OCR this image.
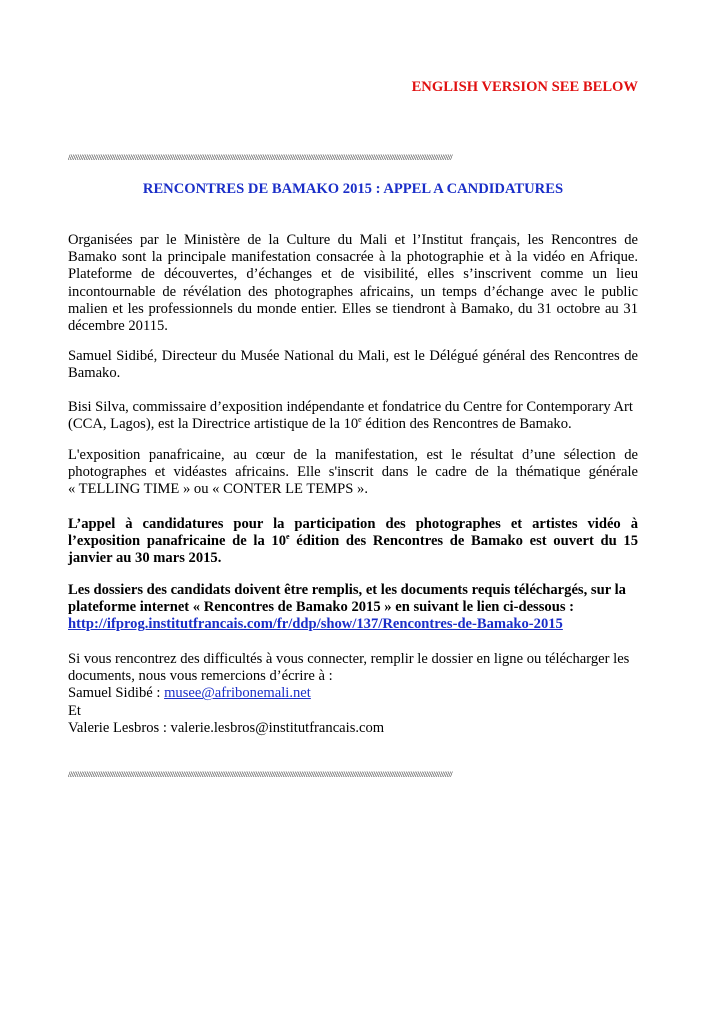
ENGLISH VERSION SEE BELOW
//////////////////////////////////////////////////////////////////////////////////////////////////////////////////////////////////////////////////////////////////////////////////////////////////////////////////////////
RENCONTRES DE BAMAKO 2015 : APPEL A CANDIDATURES
Organisées par le Ministère de la Culture du Mali et l’Institut français, les Rencontres de
Bamako sont la principale manifestation consacrée à la photographie et à la vidéo en Afrique.
Plateforme de découvertes, d’échanges et de visibilité, elles s’inscrivent comme un lieu
incontournable de révélation des photographes africains, un temps d’échange avec le public
malien et les professionnels du monde entier. Elles se tiendront à Bamako, du 31 octobre au 31
décembre 20115.
Samuel Sidibé, Directeur du Musée National du Mali, est le Délégué général des Rencontres de
Bamako.
Bisi Silva, commissaire d’exposition indépendante et fondatrice du Centre for Contemporary Art
(CCA, Lagos), est la Directrice artistique de la 10e édition des Rencontres de Bamako.
L'exposition panafricaine, au cœur de la manifestation, est le résultat d’une sélection de
photographes et vidéastes africains. Elle s'inscrit dans le cadre de la thématique générale
« TELLING TIME » ou « CONTER LE TEMPS ».
L’appel à candidatures pour la participation des photographes et artistes vidéo à
l’exposition panafricaine de la 10e édition des Rencontres de Bamako est ouvert du 15
janvier au 30 mars 2015.
Les dossiers des candidats doivent être remplis, et les documents requis téléchargés, sur la
plateforme internet « Rencontres de Bamako 2015 » en suivant le lien ci-dessous :
http://ifprog.institutfrancais.com/fr/ddp/show/137/Rencontres-de-Bamako-2015
Si vous rencontrez des difficultés à vous connecter, remplir le dossier en ligne ou télécharger les
documents, nous vous remercions d’écrire à :
Samuel Sidibé : musee@afribonemali.net
Et
Valerie Lesbros : valerie.lesbros@institutfrancais.com
//////////////////////////////////////////////////////////////////////////////////////////////////////////////////////////////////////////////////////////////////////////////////////////////////////////////////////////
